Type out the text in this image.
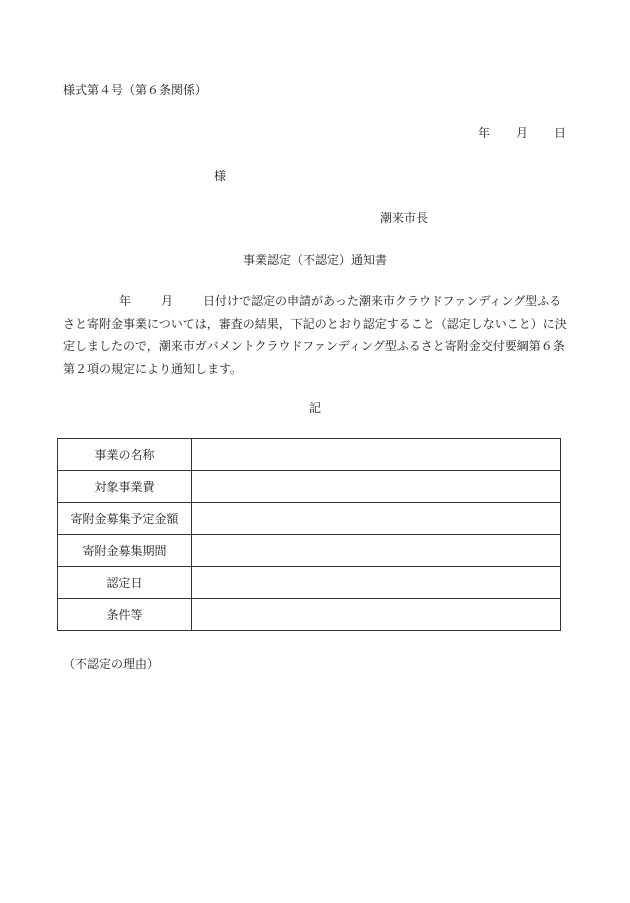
様式第４号（第６条関係）
年 月 日
様
潮来市長
事業認定（不認定）通知書
年	月	日付けで認定の申請があった潮来市クラウドファンディング型ふるさと寄附金事業については，審査の結果，下記のとおり認定すること（認定しないこと）に決定しましたので，潮来市ガバメントクラウドファンディング型ふるさと寄附金交付要綱第６条第２項の規定により通知します。
記
事業の名称	
対象事業費	
寄附金募集予定金額	
寄附金募集期間	
認定日	
条件等	
（不認定の理由）
